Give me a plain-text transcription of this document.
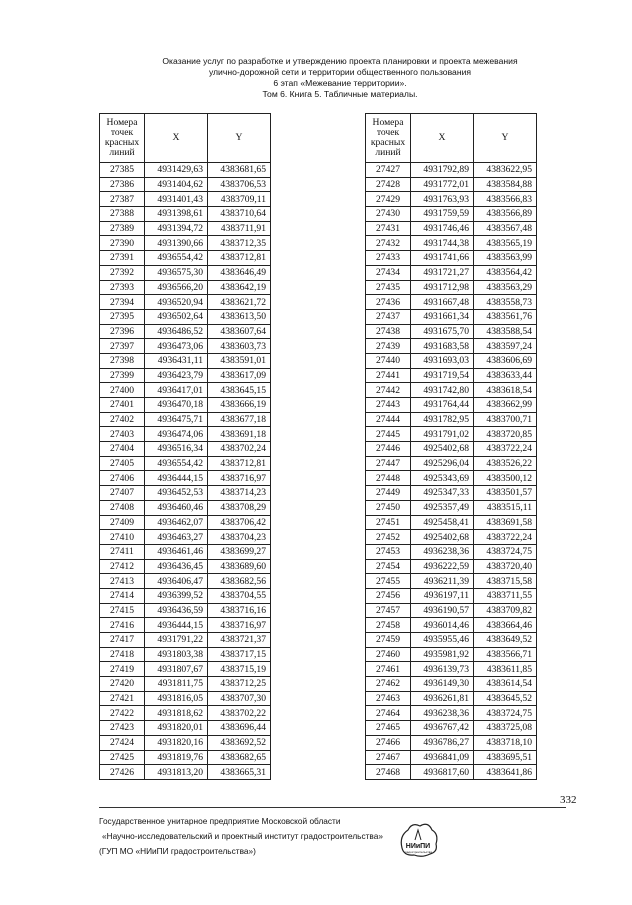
Оказание услуг по разработке и утверждению проекта планировки и проекта межевания
улично-дорожной сети и территории общественного пользования
6 этап «Межевание территории».
Том 6. Книга 5. Табличные материалы.
Номера точек красных линий	X	Y
27385	4931429,63	4383681,65
27386	4931404,62	4383706,53
27387	4931401,43	4383709,11
27388	4931398,61	4383710,64
27389	4931394,72	4383711,91
27390	4931390,66	4383712,35
27391	4936554,42	4383712,81
27392	4936575,30	4383646,49
27393	4936566,20	4383642,19
27394	4936520,94	4383621,72
27395	4936502,64	4383613,50
27396	4936486,52	4383607,64
27397	4936473,06	4383603,73
27398	4936431,11	4383591,01
27399	4936423,79	4383617,09
27400	4936417,01	4383645,15
27401	4936470,18	4383666,19
27402	4936475,71	4383677,18
27403	4936474,06	4383691,18
27404	4936516,34	4383702,24
27405	4936554,42	4383712,81
27406	4936444,15	4383716,97
27407	4936452,53	4383714,23
27408	4936460,46	4383708,29
27409	4936462,07	4383706,42
27410	4936463,27	4383704,23
27411	4936461,46	4383699,27
27412	4936436,45	4383689,60
27413	4936406,47	4383682,56
27414	4936399,52	4383704,55
27415	4936436,59	4383716,16
27416	4936444,15	4383716,97
27417	4931791,22	4383721,37
27418	4931803,38	4383717,15
27419	4931807,67	4383715,19
27420	4931811,75	4383712,25
27421	4931816,05	4383707,30
27422	4931818,62	4383702,22
27423	4931820,01	4383696,44
27424	4931820,16	4383692,52
27425	4931819,76	4383682,65
27426	4931813,20	4383665,31
Номера точек красных линий	X	Y
27427	4931792,89	4383622,95
27428	4931772,01	4383584,88
27429	4931763,93	4383566,83
27430	4931759,59	4383566,89
27431	4931746,46	4383567,48
27432	4931744,38	4383565,19
27433	4931741,66	4383563,99
27434	4931721,27	4383564,42
27435	4931712,98	4383563,29
27436	4931667,48	4383558,73
27437	4931661,34	4383561,76
27438	4931675,70	4383588,54
27439	4931683,58	4383597,24
27440	4931693,03	4383606,69
27441	4931719,54	4383633,44
27442	4931742,80	4383618,54
27443	4931764,44	4383662,99
27444	4931782,95	4383700,71
27445	4931791,02	4383720,85
27446	4925402,68	4383722,24
27447	4925296,04	4383526,22
27448	4925343,69	4383500,12
27449	4925347,33	4383501,57
27450	4925357,49	4383515,11
27451	4925458,41	4383691,58
27452	4925402,68	4383722,24
27453	4936238,36	4383724,75
27454	4936222,59	4383720,40
27455	4936211,39	4383715,58
27456	4936197,11	4383711,55
27457	4936190,57	4383709,82
27458	4936014,46	4383664,46
27459	4935955,46	4383649,52
27460	4935981,92	4383566,71
27461	4936139,73	4383611,85
27462	4936149,30	4383614,54
27463	4936261,81	4383645,52
27464	4936238,36	4383724,75
27465	4936767,42	4383725,08
27466	4936786,27	4383718,10
27467	4936841,09	4383695,51
27468	4936817,60	4383641,86
332
Государственное унитарное предприятие Московской области
«Научно-исследовательский и проектный институт градостроительства»
(ГУП МО «НИиПИ градостроительства»)	НИиПИ
градостроительства
